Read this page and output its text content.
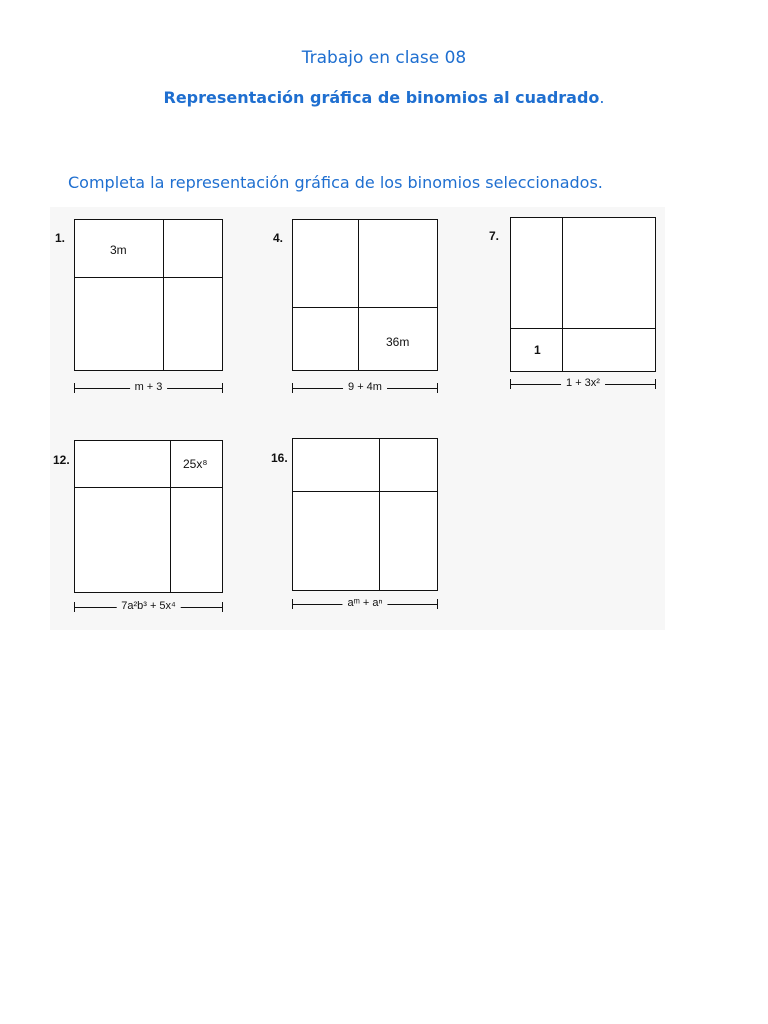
Trabajo en clase 08
Representación gráfica de binomios al cuadrado.
Completa la representación gráfica de los binomios seleccionados.
1.
3m
m + 3
4.
36m
9 + 4m
7.
1
1 + 3x²
12.	25x⁸
7a²b³ + 5x⁴
16.
aᵐ + aⁿ
